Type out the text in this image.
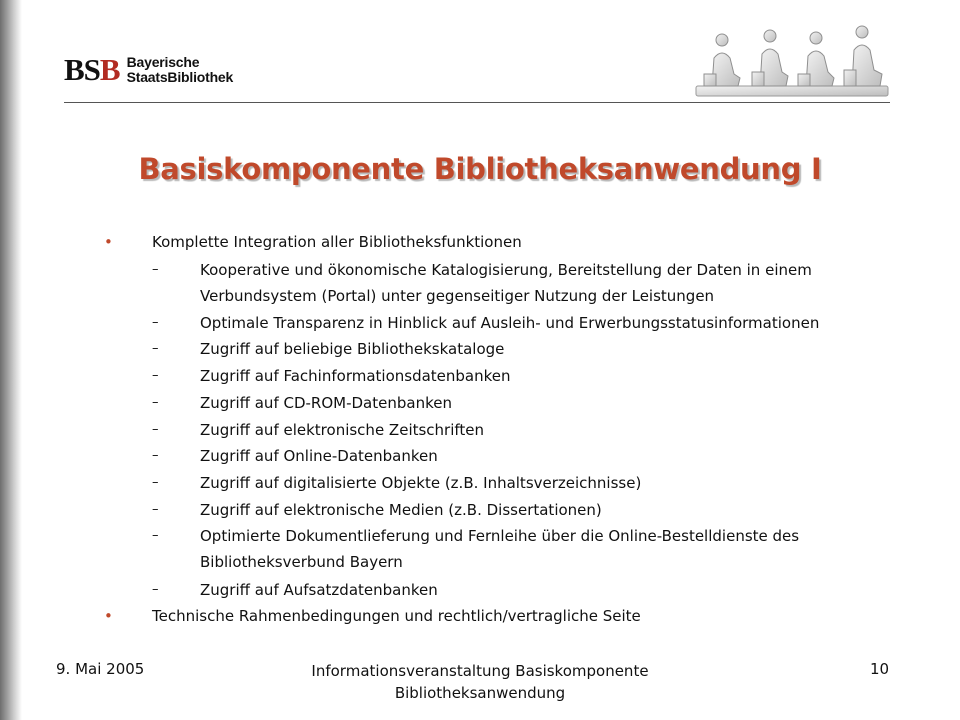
BSB Bayerische
StaatsBibliothek
Basiskomponente Bibliotheksanwendung I
•	Komplette Integration aller Bibliotheksfunktionen
–	Kooperative und ökonomische Katalogisierung, Bereitstellung der Daten in einem
Verbundsystem (Portal) unter gegenseitiger Nutzung der Leistungen
–	Optimale Transparenz in Hinblick auf Ausleih- und Erwerbungsstatusinformationen
–	Zugriff auf beliebige Bibliothekskataloge
–	Zugriff auf Fachinformationsdatenbanken
–	Zugriff auf CD-ROM-Datenbanken
–	Zugriff auf elektronische Zeitschriften
–	Zugriff auf Online-Datenbanken
–	Zugriff auf digitalisierte Objekte (z.B. Inhaltsverzeichnisse)
–	Zugriff auf elektronische Medien (z.B. Dissertationen)
–	Optimierte Dokumentlieferung und Fernleihe über die Online-Bestelldienste des
Bibliotheksverbund Bayern
–	Zugriff auf Aufsatzdatenbanken
•	Technische Rahmenbedingungen und rechtlich/vertragliche Seite
9. Mai 2005	Informationsveranstaltung Basiskomponente
Bibliotheksanwendung
10
